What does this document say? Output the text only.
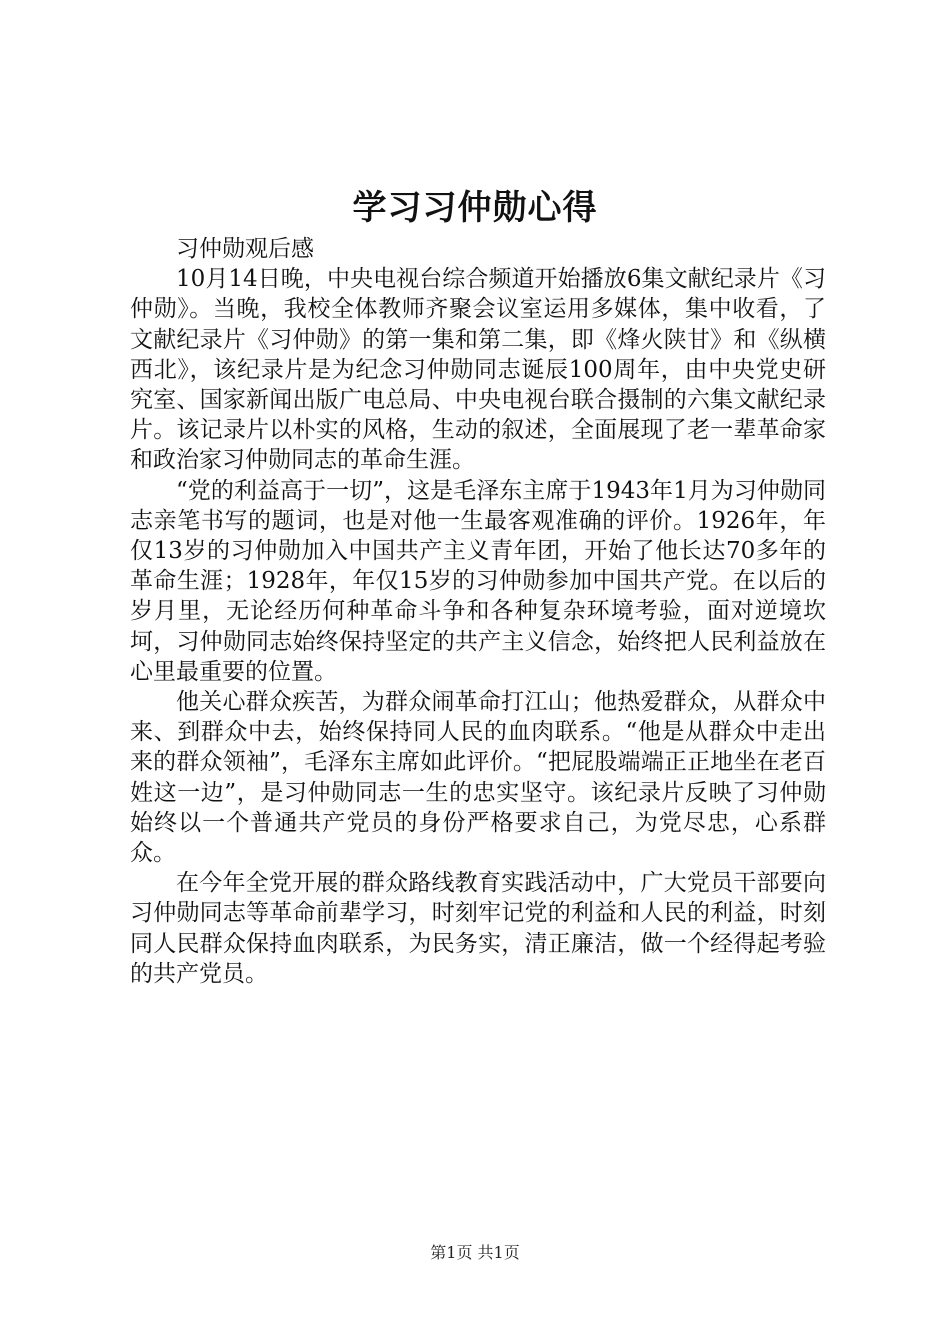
学习习仲勋心得

习仲勋观后感

10月14日晚，中央电视台综合频道开始播放6集文献纪录片《习仲勋》。当晚，我校全体教师齐聚会议室运用多媒体，集中收看，了文献纪录片《习仲勋》的第一集和第二集，即《烽火陕甘》和《纵横西北》，该纪录片是为纪念习仲勋同志诞辰100周年，由中央党史研究室、国家新闻出版广电总局、中央电视台联合摄制的六集文献纪录片。该记录片以朴实的风格，生动的叙述，全面展现了老一辈革命家和政治家习仲勋同志的革命生涯。

“党的利益高于一切”，这是毛泽东主席于1943年1月为习仲勋同志亲笔书写的题词，也是对他一生最客观准确的评价。1926年，年仅13岁的习仲勋加入中国共产主义青年团，开始了他长达70多年的革命生涯；1928年，年仅15岁的习仲勋参加中国共产党。在以后的岁月里，无论经历何种革命斗争和各种复杂环境考验，面对逆境坎坷，习仲勋同志始终保持坚定的共产主义信念，始终把人民利益放在心里最重要的位置。

他关心群众疾苦，为群众闹革命打江山；他热爱群众，从群众中来、到群众中去，始终保持同人民的血肉联系。“他是从群众中走出来的群众领袖”，毛泽东主席如此评价。“把屁股端端正正地坐在老百姓这一边”，是习仲勋同志一生的忠实坚守。该纪录片反映了习仲勋始终以一个普通共产党员的身份严格要求自己，为党尽忠，心系群众。

在今年全党开展的群众路线教育实践活动中，广大党员干部要向习仲勋同志等革命前辈学习，时刻牢记党的利益和人民的利益，时刻同人民群众保持血肉联系，为民务实，清正廉洁，做一个经得起考验的共产党员。

第1页 共1页
